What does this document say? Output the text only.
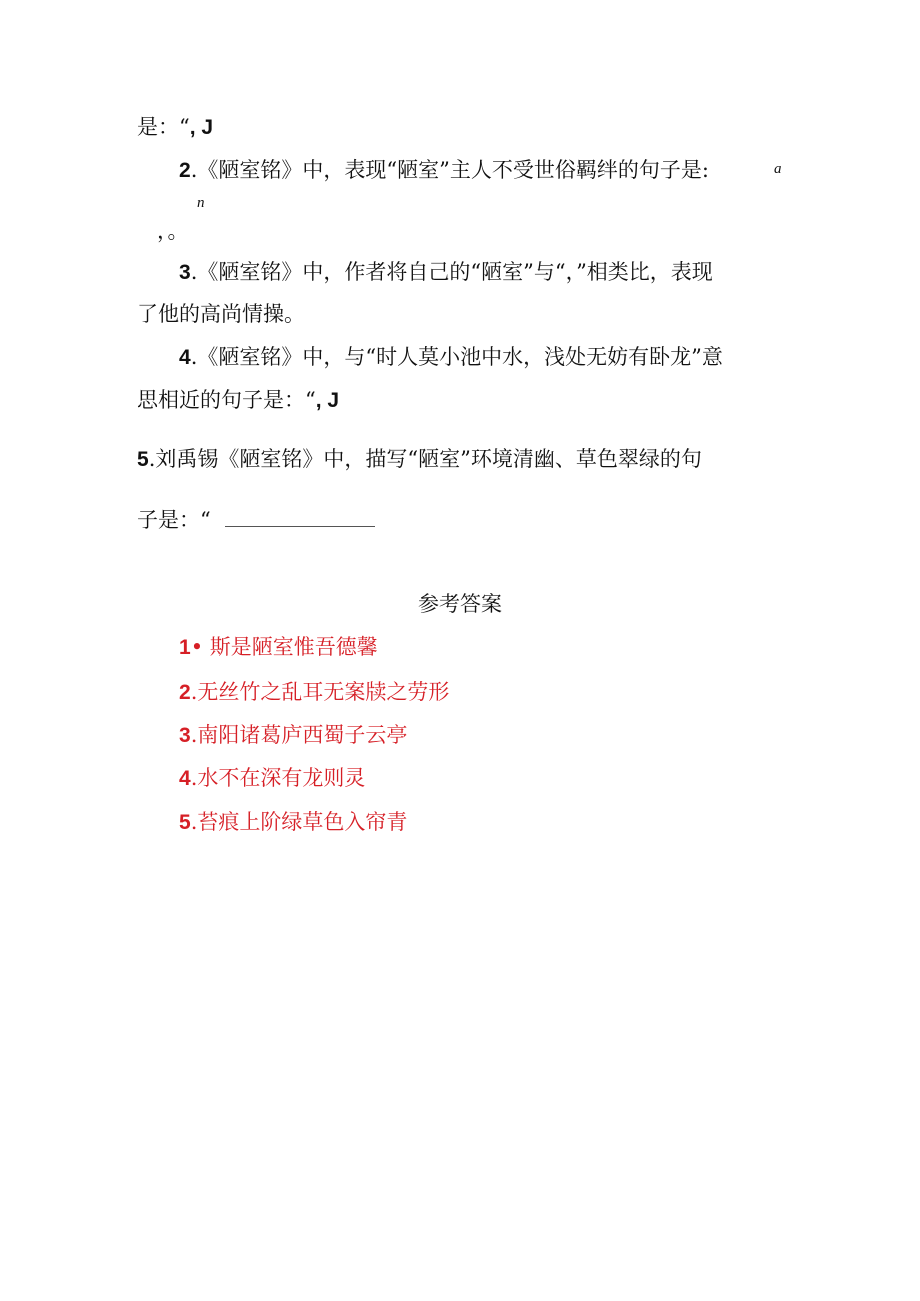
是：“, J
2.《陋室铭》中，表现“陋室”主人不受世俗羁绊的句子是:	a
n
，。
3.《陋室铭》中，作者将自己的“陋室”与“，”相类比，表现
了他的高尚情操。
4.《陋室铭》中，与“时人莫小池中水，浅处无妨有卧龙”意
思相近的句子是：“, J
5.刘禹锡《陋室铭》中，描写“陋室”环境清幽、草色翠绿的句
子是：“
参考答案
1• 斯是陋室惟吾德馨
2.无丝竹之乱耳无案牍之劳形
3.南阳诸葛庐西蜀子云亭
4.水不在深有龙则灵
5.苔痕上阶绿草色入帘青
